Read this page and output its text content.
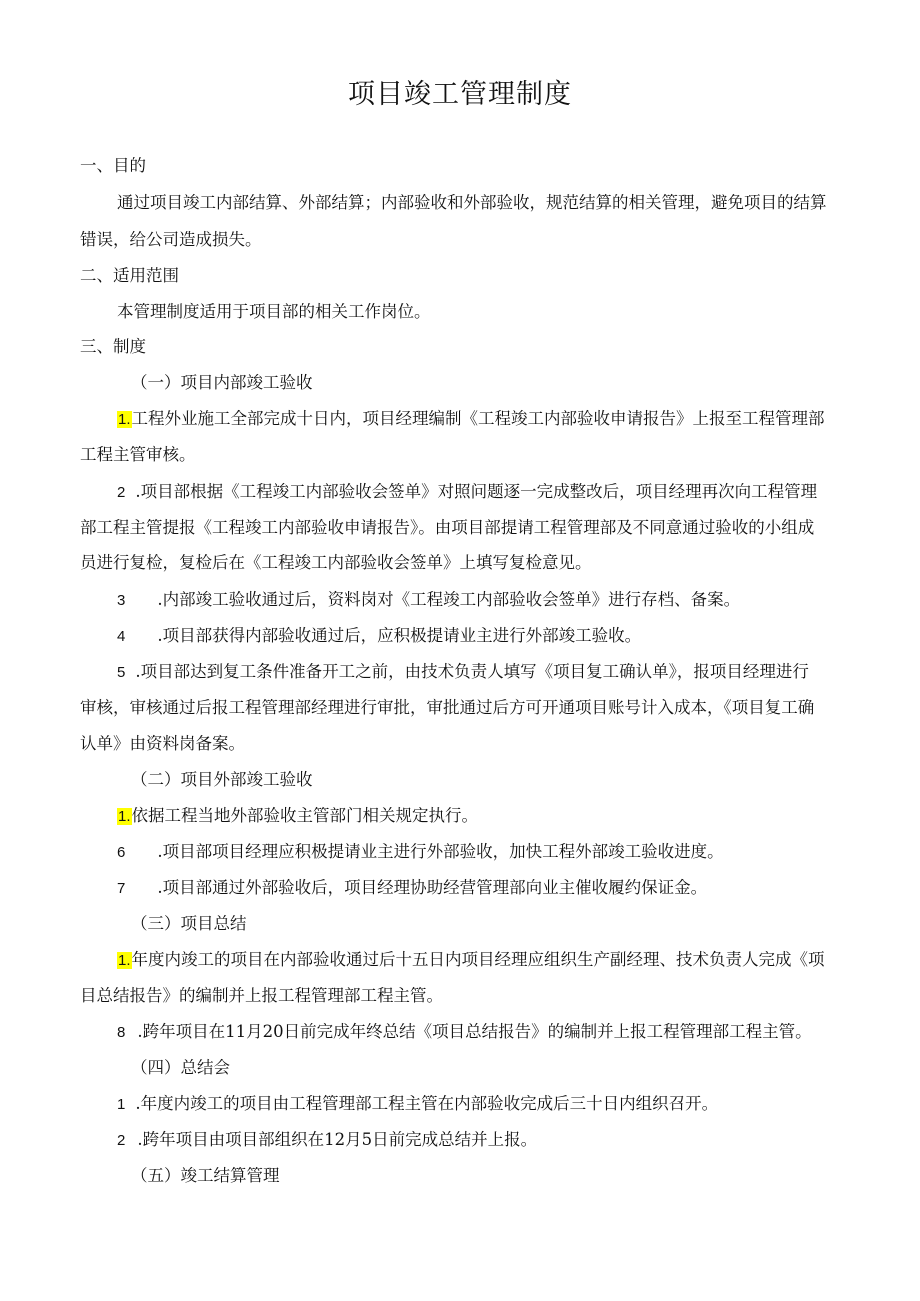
项目竣工管理制度
一、目的
通过项目竣工内部结算、外部结算；内部验收和外部验收，规范结算的相关管理，避免项目的结算
错误，给公司造成损失。
二、适用范围
本管理制度适用于项目部的相关工作岗位。
三、制度
（一）项目内部竣工验收
1.工程外业施工全部完成十日内，项目经理编制《工程竣工内部验收申请报告》上报至工程管理部
工程主管审核。
2 .项目部根据《工程竣工内部验收会签单》对照问题逐一完成整改后，项目经理再次向工程管理
部工程主管提报《工程竣工内部验收申请报告》。由项目部提请工程管理部及不同意通过验收的小组成
员进行复检，复检后在《工程竣工内部验收会签单》上填写复检意见。
3 .内部竣工验收通过后，资料岗对《工程竣工内部验收会签单》进行存档、备案。
4 .项目部获得内部验收通过后，应积极提请业主进行外部竣工验收。
5 .项目部达到复工条件准备开工之前，由技术负责人填写《项目复工确认单》，报项目经理进行
审核，审核通过后报工程管理部经理进行审批，审批通过后方可开通项目账号计入成本，《项目复工确
认单》由资料岗备案。
（二）项目外部竣工验收
1.依据工程当地外部验收主管部门相关规定执行。
6 .项目部项目经理应积极提请业主进行外部验收，加快工程外部竣工验收进度。
7 .项目部通过外部验收后，项目经理协助经营管理部向业主催收履约保证金。
（三）项目总结
1.年度内竣工的项目在内部验收通过后十五日内项目经理应组织生产副经理、技术负责人完成《项
目总结报告》的编制并上报工程管理部工程主管。
8 .跨年项目在11月20日前完成年终总结《项目总结报告》的编制并上报工程管理部工程主管。
（四）总结会
1 .年度内竣工的项目由工程管理部工程主管在内部验收完成后三十日内组织召开。
2 .跨年项目由项目部组织在12月5日前完成总结并上报。
（五）竣工结算管理
